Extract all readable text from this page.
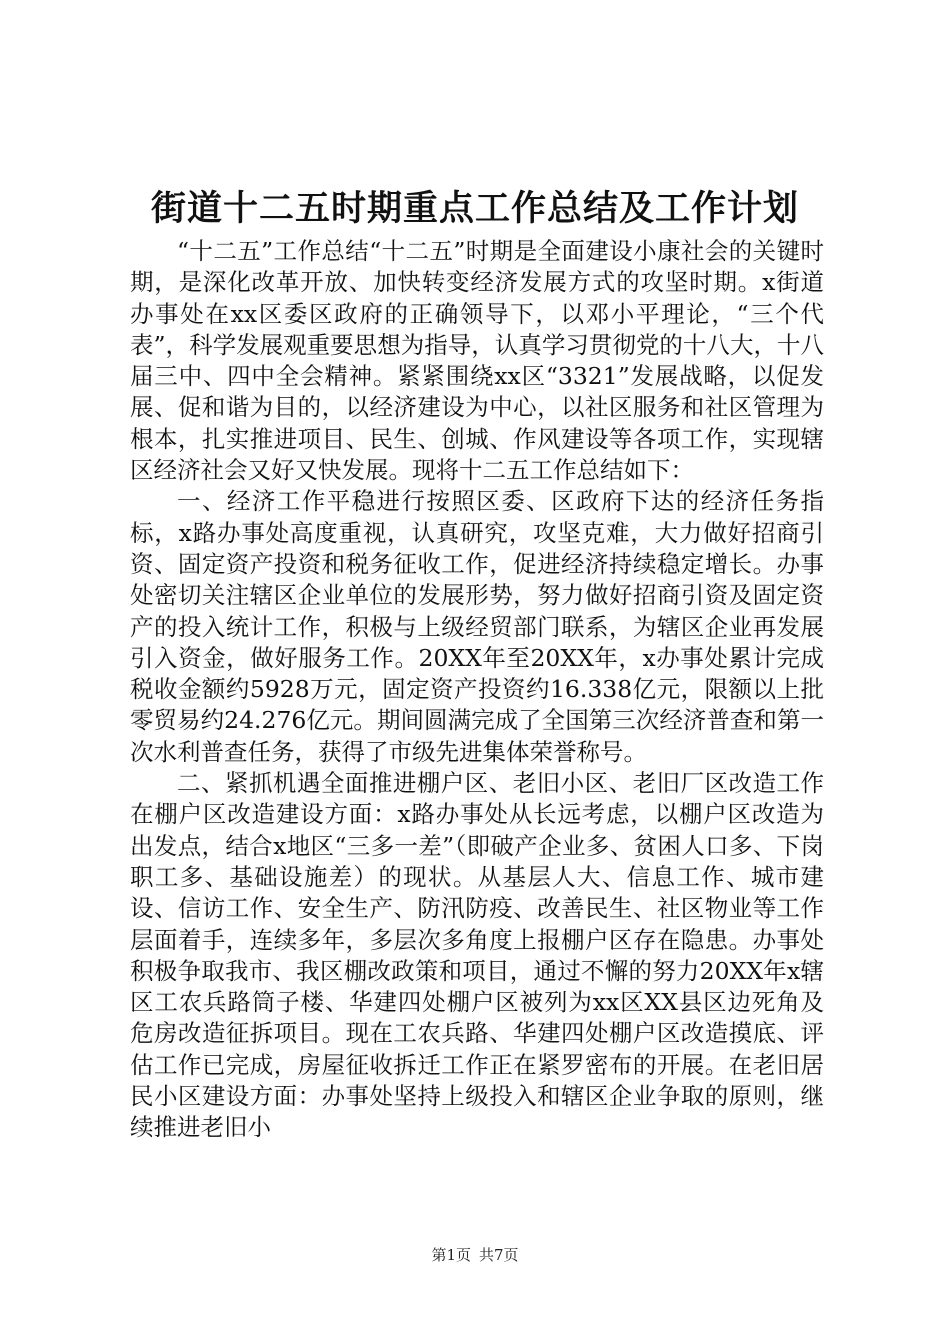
街道十二五时期重点工作总结及工作计划

“十二五”工作总结“十二五”时期是全面建设小康社会的关键时期，是深化改革开放、加快转变经济发展方式的攻坚时期。x街道办事处在xx区委区政府的正确领导下，以邓小平理论，“三个代表”，科学发展观重要思想为指导，认真学习贯彻党的十八大，十八届三中、四中全会精神。紧紧围绕xx区“3321”发展战略，以促发展、促和谐为目的，以经济建设为中心，以社区服务和社区管理为根本，扎实推进项目、民生、创城、作风建设等各项工作，实现辖区经济社会又好又快发展。现将十二五工作总结如下：

一、经济工作平稳进行按照区委、区政府下达的经济任务指标，x路办事处高度重视，认真研究，攻坚克难，大力做好招商引资、固定资产投资和税务征收工作，促进经济持续稳定增长。办事处密切关注辖区企业单位的发展形势，努力做好招商引资及固定资产的投入统计工作，积极与上级经贸部门联系，为辖区企业再发展引入资金，做好服务工作。20XX年至20XX年，x办事处累计完成税收金额约5928万元，固定资产投资约16.338亿元，限额以上批零贸易约24.276亿元。期间圆满完成了全国第三次经济普查和第一次水利普查任务，获得了市级先进集体荣誉称号。

二、紧抓机遇全面推进棚户区、老旧小区、老旧厂区改造工作在棚户区改造建设方面：x路办事处从长远考虑，以棚户区改造为出发点，结合x地区“三多一差”（即破产企业多、贫困人口多、下岗职工多、基础设施差）的现状。从基层人大、信息工作、城市建设、信访工作、安全生产、防汛防疫、改善民生、社区物业等工作层面着手，连续多年，多层次多角度上报棚户区存在隐患。办事处积极争取我市、我区棚改政策和项目，通过不懈的努力20XX年x辖区工农兵路筒子楼、华建四处棚户区被列为xx区XX县区边死角及危房改造征拆项目。现在工农兵路、华建四处棚户区改造摸底、评估工作已完成，房屋征收拆迁工作正在紧罗密布的开展。在老旧居民小区建设方面：办事处坚持上级投入和辖区企业争取的原则，继续推进老旧小

第1页 共7页
